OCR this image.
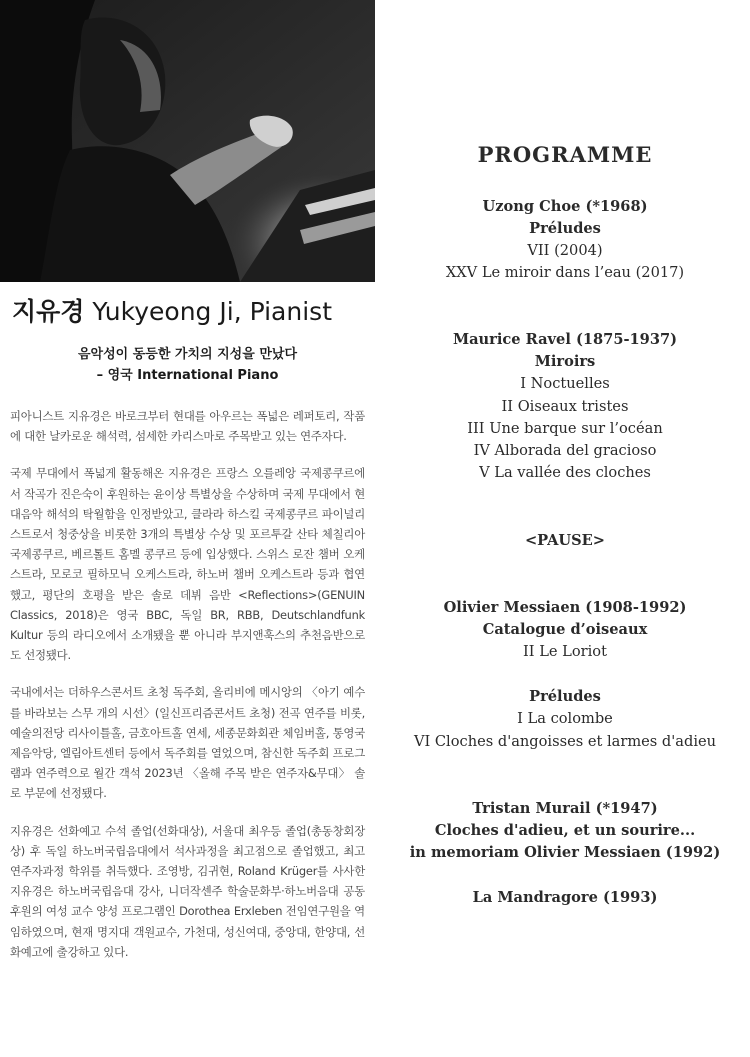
지유경 Yukyeong Ji, Pianist
음악성이 동등한 가치의 지성을 만났다
– 영국 International Piano

피아니스트 지유경은 바로크부터 현대를 아우르는 폭넓은 레퍼토리, 작품에 대한 날카로운 해석력, 섬세한 카리스마로 주목받고 있는 연주자다.

국제 무대에서 폭넓게 활동해온 지유경은 프랑스 오를레앙 국제콩쿠르에서 작곡가 진은숙이 후원하는 윤이상 특별상을 수상하며 국제 무대에서 현대음악 해석의 탁월함을 인정받았고, 클라라 하스킬 국제콩쿠르 파이널리스트로서 청중상을 비롯한 3개의 특별상 수상 및 포르투갈 산타 체칠리아 국제콩쿠르, 베르톨트 홈멜 콩쿠르 등에 입상했다. 스위스 로잔 챔버 오케스트라, 모로코 필하모닉 오케스트라, 하노버 챔버 오케스트라 등과 협연했고, 평단의 호평을 받은 솔로 데뷔 음반 <Reflections>(GENUIN Classics, 2018)은 영국 BBC, 독일 BR, RBB, Deutschlandfunk Kultur 등의 라디오에서 소개됐을 뿐 아니라 부지앤훅스의 추천음반으로도 선정됐다.

국내에서는 더하우스콘서트 초청 독주회, 올리비에 메시앙의 〈아기 예수를 바라보는 스무 개의 시선〉(일신프리즘콘서트 초청) 전곡 연주를 비롯, 예술의전당 리사이틀홀, 금호아트홀 연세, 세종문화회관 체임버홀, 통영국제음악당, 엘림아트센터 등에서 독주회를 열었으며, 참신한 독주회 프로그램과 연주력으로 월간 객석 2023년 〈올해 주목 받은 연주자&무대〉 솔로 부문에 선정됐다.

지유경은 선화예고 수석 졸업(선화대상), 서울대 최우등 졸업(총동창회장상) 후 독일 하노버국립음대에서 석사과정을 최고점으로 졸업했고, 최고연주자과정 학위를 취득했다. 조영방, 김귀현, Roland Krüger를 사사한 지유경은 하노버국립음대 강사, 니더작센주 학술문화부·하노버음대 공동 후원의 여성 교수 양성 프로그램인 Dorothea Erxleben 전임연구원을 역임하였으며, 현재 명지대 객원교수, 가천대, 성신여대, 중앙대, 한양대, 선화예고에 출강하고 있다.

PROGRAMME
Uzong Choe (*1968)
Préludes
VII (2004)
XXV Le miroir dans l’eau (2017)
Maurice Ravel (1875-1937)
Miroirs
I Noctuelles
II Oiseaux tristes
III Une barque sur l’océan
IV Alborada del gracioso
V La vallée des cloches
<PAUSE>
Olivier Messiaen (1908-1992)
Catalogue d’oiseaux
II Le Loriot
Préludes
I La colombe
VI Cloches d'angoisses et larmes d'adieu
Tristan Murail (*1947)
Cloches d'adieu, et un sourire...
in memoriam Olivier Messiaen (1992)
La Mandragore (1993)
